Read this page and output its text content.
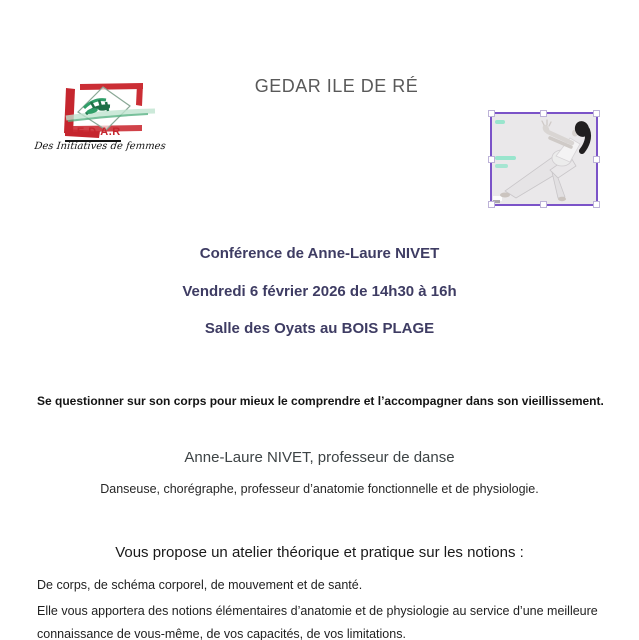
GEDAR ILE DE RÉ
G.E.D.A.R
Des Initiatives de femmes
Conférence de Anne-Laure NIVET
Vendredi 6 février 2026 de 14h30 à 16h
Salle des Oyats au BOIS PLAGE
Se questionner sur son corps pour mieux le comprendre et l’accompagner dans son vieillissement.
Anne-Laure NIVET, professeur de danse
Danseuse, chorégraphe, professeur d’anatomie fonctionnelle et de physiologie.
Vous propose un atelier théorique et pratique sur les notions :
De corps, de schéma corporel, de mouvement et de santé.
Elle vous apportera des notions élémentaires d’anatomie et de physiologie au service d’une meilleure
connaissance de vous-même, de vos capacités, de vos limitations.
